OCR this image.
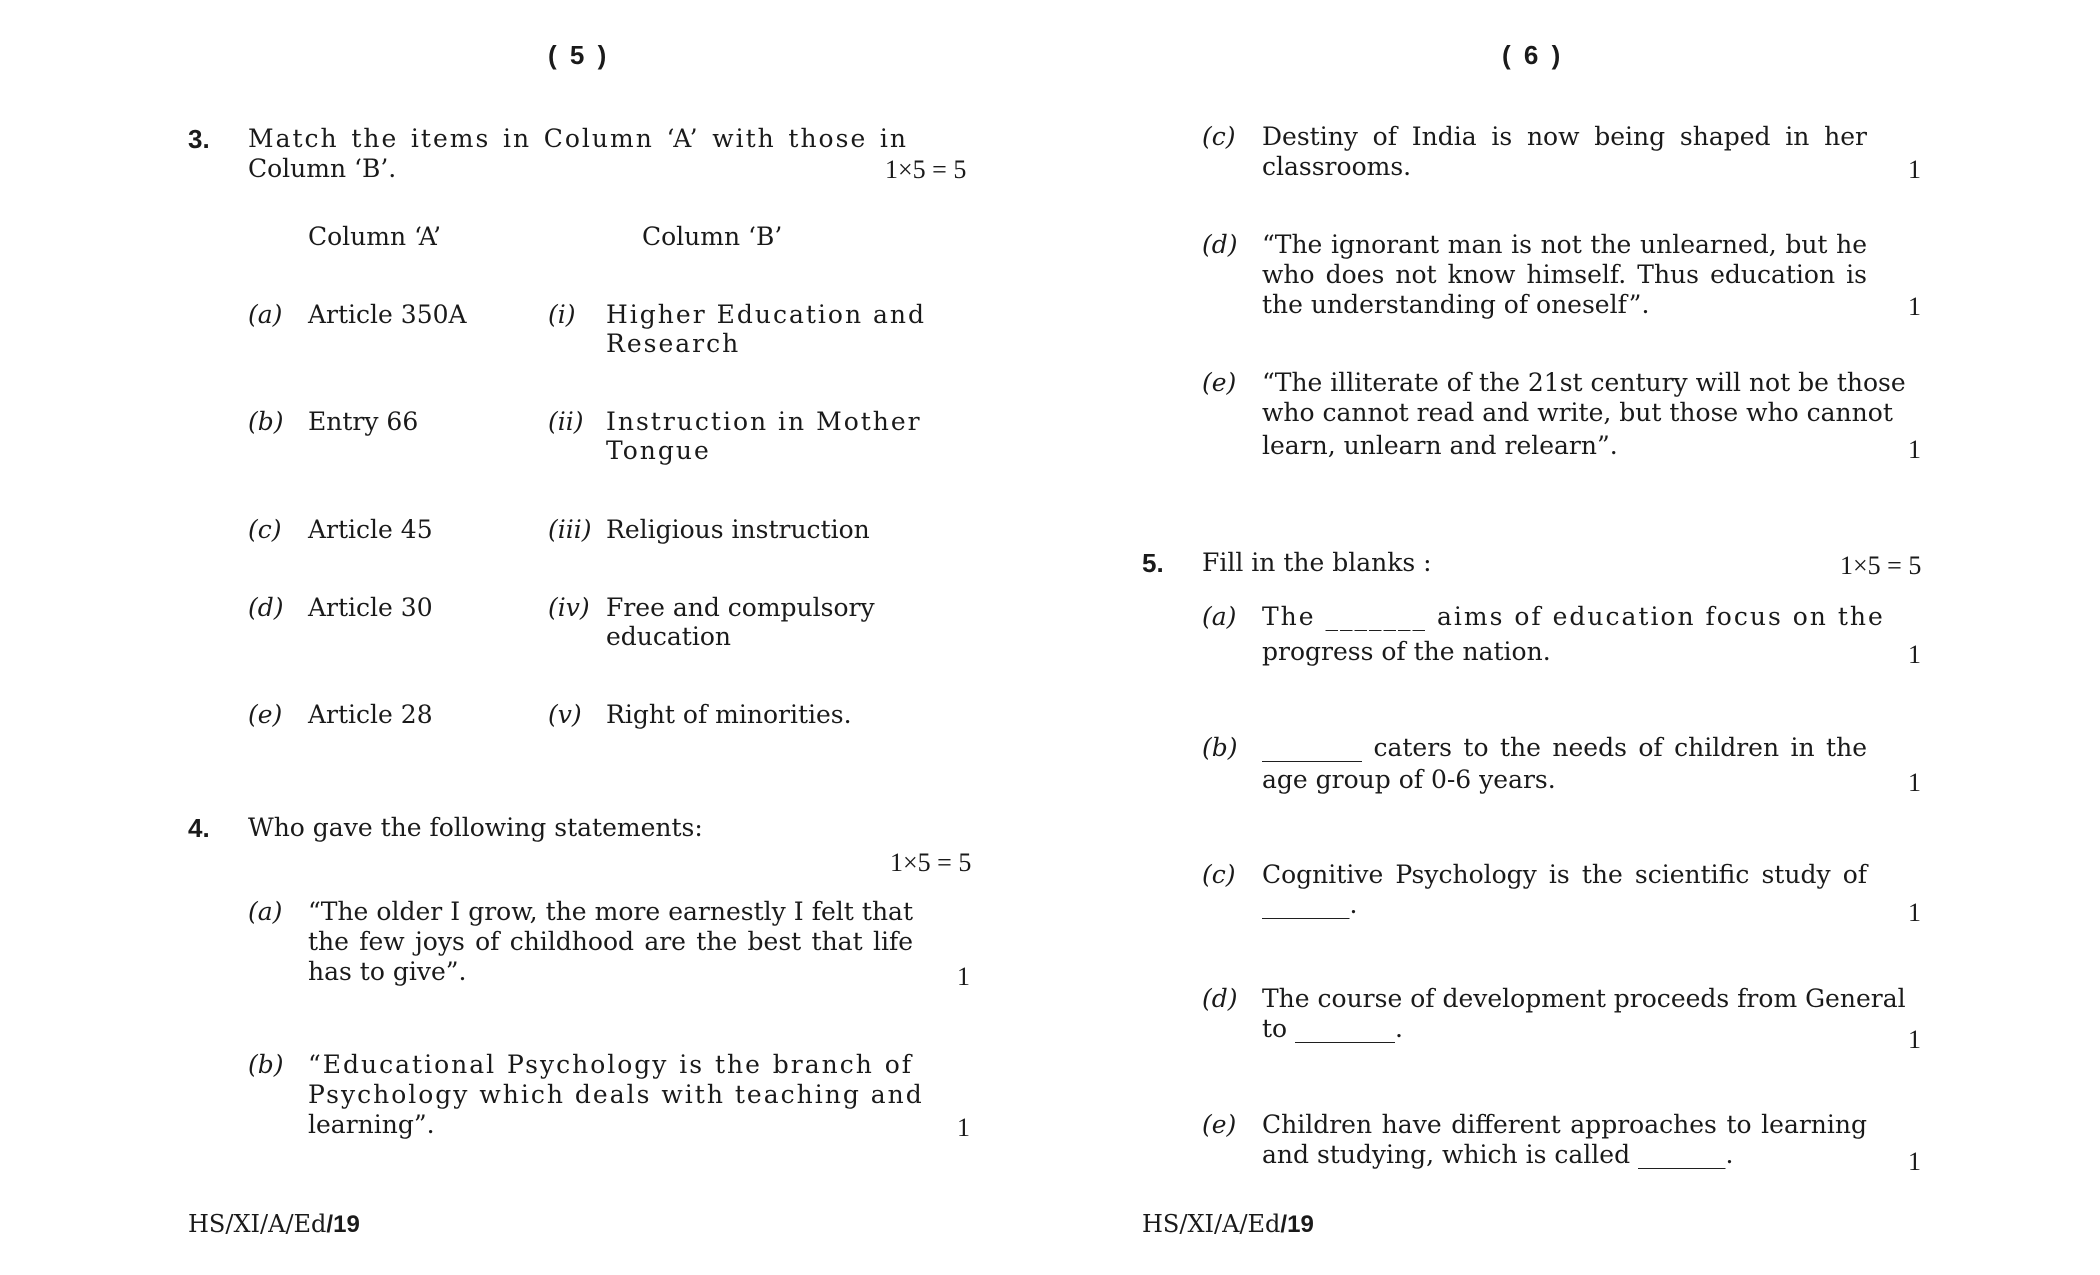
( 5 )
3. Match the items in Column ‘A’ with those in
Column ‘B’.	1×5 = 5
Column ‘A’	Column ‘B’
(a) Article 350A	(i) Higher Education and
Research
(b) Entry 66	(ii) Instruction in Mother
Tongue
(c) Article 45	(iii) Religious instruction
(d) Article 30	(iv) Free and compulsory
education
(e) Article 28	(v) Right of minorities.
4. Who gave the following statements:
1×5 = 5
(a) “The older I grow, the more earnestly I felt that
the few joys of childhood are the best that life
has to give”.	1
(b) “Educational Psychology is the branch of
Psychology which deals with teaching and
learning”.	1
HS/XI/A/Ed/19
( 6 )
(c) Destiny of India is now being shaped in her
classrooms.	1
(d) “The ignorant man is not the unlearned, but he
who does not know himself. Thus education is
the understanding of oneself”.	1
(e) “The illiterate of the 21st century will not be those
who cannot read and write, but those who cannot
learn, unlearn and relearn”.	1
5. Fill in the blanks :	1×5 = 5
(a) The _______ aims of education focus on the
progress of the nation.	1
(b) ________ caters to the needs of children in the
age group of 0-6 years.	1
(c) Cognitive Psychology is the scientific study of
_______.	1
(d) The course of development proceeds from General
to ________.	1
(e) Children have different approaches to learning
and studying, which is called _______.	1
HS/XI/A/Ed/19
